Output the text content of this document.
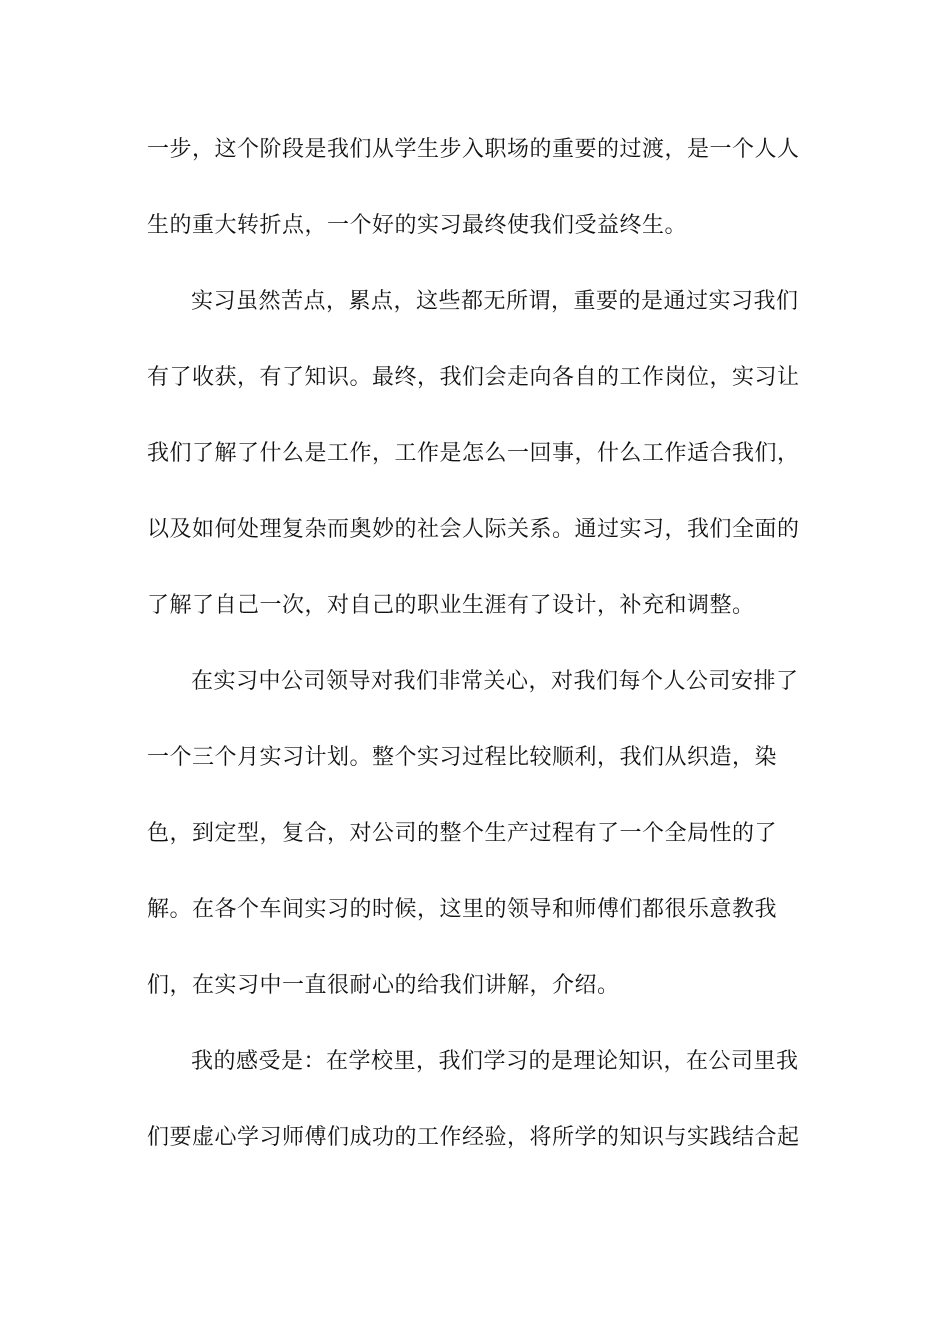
一步，这个阶段是我们从学生步入职场的重要的过渡，是一个人人
生的重大转折点，一个好的实习最终使我们受益终生。
实习虽然苦点，累点，这些都无所谓，重要的是通过实习我们
有了收获，有了知识。最终，我们会走向各自的工作岗位，实习让
我们了解了什么是工作，工作是怎么一回事，什么工作适合我们，
以及如何处理复杂而奥妙的社会人际关系。通过实习，我们全面的
了解了自己一次，对自己的职业生涯有了设计，补充和调整。
在实习中公司领导对我们非常关心，对我们每个人公司安排了
一个三个月实习计划。整个实习过程比较顺利，我们从织造，染
色，到定型，复合，对公司的整个生产过程有了一个全局性的了
解。在各个车间实习的时候，这里的领导和师傅们都很乐意教我
们，在实习中一直很耐心的给我们讲解，介绍。
我的感受是：在学校里，我们学习的是理论知识，在公司里我
们要虚心学习师傅们成功的工作经验，将所学的知识与实践结合起
